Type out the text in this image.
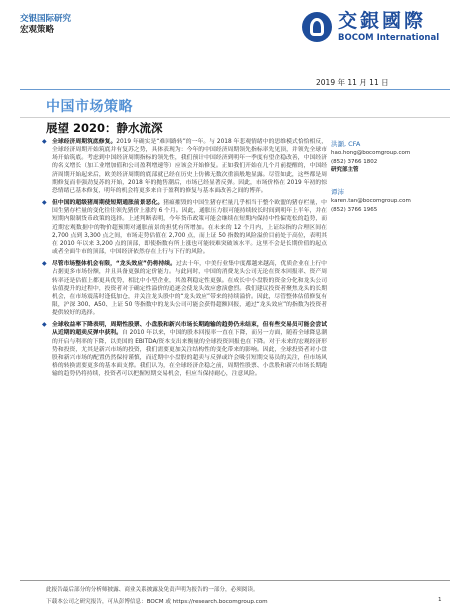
交银国际研究
宏观策略	交銀國際
BOCOM International
2019 年 11 月 11 日
中国市场策略
展望 2020：静水流深
洪灝, CFA
hao.hong@bocomgroup.com
(852) 3766 1802
研究部主管
谭沛
karen.tan@bocomgroup.com
(852) 3766 1965
◆ 全球经济周期筑底修复。2019 年确实是“难回路转”的一年。与 2018 年悲观情绪中的思维模式恰恰相反，全球经济周期开始筑底并有复苏之势，具体表现为：今年的中国经济周期领先指标率先见顶，并领先全球市场开始筑底。考虑到中国经济周期指标的领先性，我们预计中国经济到明年一季度有望企稳改善，中国经济的名义增长（加工业增加值和公司盈利增速等）应该会开始修复。正如我们开始在几个月前提醒的，中国经济周期开始起来后，欧美经济周期的底部就已经在历史上仿佛无数次重演般地显露。尽管如此，这些都是周期修复而非强劲复苏的开始，2018 年的抛售潮后，市场已经显著反弹。因此，市场价格在 2019 年初的惊恐情绪已基本修复，明年的机会将更多来自于盈利的修复与基本面改善之间的博弈。
◆ 但中国的超级猪周期使短期通胀前景恶化。猪瘟摧毁的中国生猪存栏量几乎相当于整个欧盟的猪存栏量，中国生猪存栏量的变化往往领先猪价上涨约 6 个月。因此，通胀压力很可能持续较长时间到明年上半年，并在短期内限制货币政策的选择。上述判断表明，今年货币政策可能会继续在短期内保持中性偏宽松的趋势，而近期宏观数据中的物价超预期对通胀前景的担忧有所增加。在未来的 12 个月内，上证综指的合理区间在 2,700 点到 3,300 点之间，市场走势估值在 2,700 点，而上证 50 指数的风险溢价目前处于高位，表明其在 2010 年以来 3,200 点的顶部，即使指数有所上涨也可能较难突破该水平。这里不会是长期价值的起点或者全面牛市的顶部，中国经济依然存在上行与下行的风险。
◆ 尽管市场整体机会有限，“龙头效应”仍将持续。过去十年，中美行业集中度都越来越高，优质企业在上行中占据更多市场份额，并且具备更强的定价能力。与此同时，中国的消费龙头公司无论在资本回报率、资产周转率还是估值上都更具优势，相比中小型企业，其盈利稳定性更强。在成长中小盘股的资金分化和龙头公司估值提升的过程中，投资者对于确定性溢价的追逐会使龙头效应愈演愈烈。我们建议投资者聚焦龙头的长期机会，在市场震荡时逢低加仓，并关注龙头股中的“龙头效应”带来的持续溢价。因此，尽管整体估值修复有限，沪深 300、A50、上证 50 等指数中的龙头公司可能会获得超额回报，通过“龙头效应”的指数为投资者提供较好的选择。
◆ 全球收益率下降表明，周期性股票、小盘股和新兴市场长期跑输的趋势仍未结束，但有些交易员可能会尝试从近期的超卖反弹中获利。自 2010 年以来，中国的股本回报率一直在下降，而另一方面，随着全球降息潮的开启与利率的下降，以美国的 EBITDA/资本支出来衡量的全球投资回报也在下降。对于未来的宏观经济形势和投资，尤其是新兴市场的投资，我们需要更加关注结构性的变化带来的影响。因此，全球投资者对小盘股和新兴市场的配置仍然保持谨慎，而近期中小盘股的超卖与反弹或许会吸引短期交易员的关注，但市场风格的转换需要更多的基本面支撑。我们认为，在全球经济企稳之前，周期性股票、小盘股和新兴市场长期跑输的趋势仍将持续，投资者可以把握短期交易机会，但应当保持耐心，注意风险。
此报告最后部分的分析师披露、商业关系披露及免责声明为报告的一部分，必须阅读。
下载本公司之研究报告，可从彭博信息：BOCM 或 https://research.bocomgroup.com	1
